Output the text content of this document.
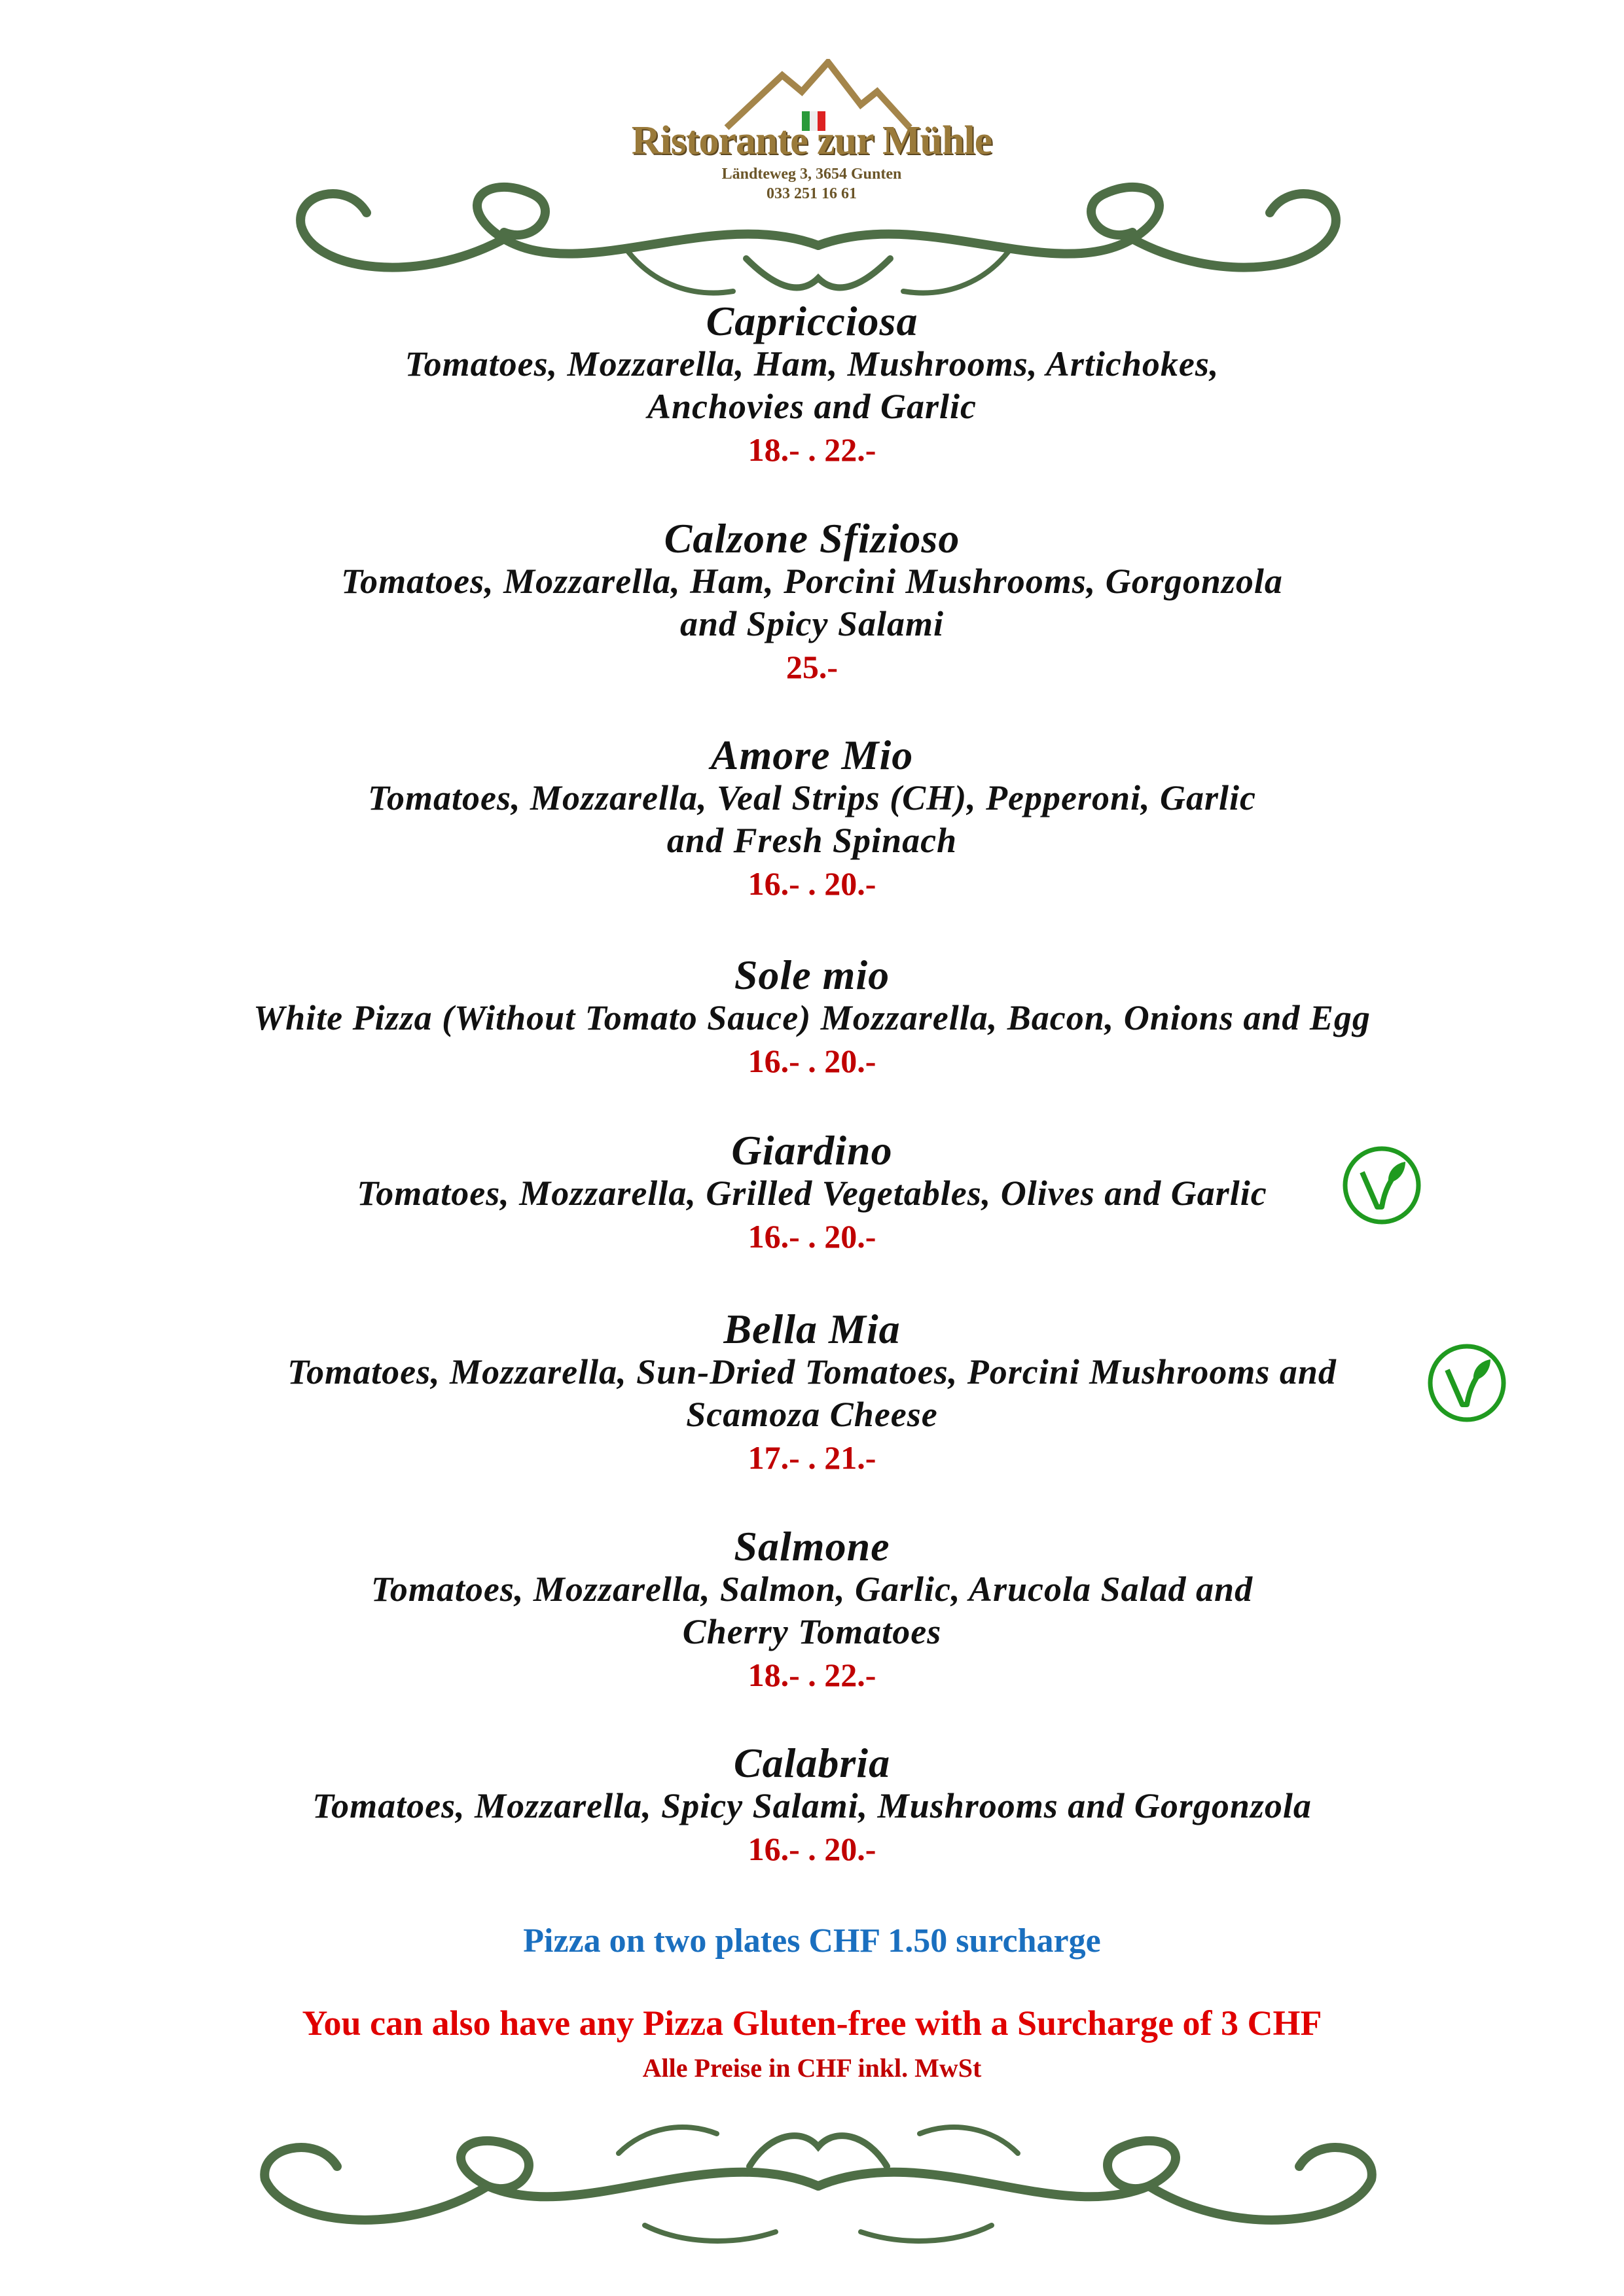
Ristorante zur Mühle
Ländteweg 3, 3654 Gunten
033 251 16 61
Capricciosa
Tomatoes, Mozzarella, Ham, Mushrooms, Artichokes,
Anchovies and Garlic
18.- . 22.-
Calzone Sfizioso
Tomatoes, Mozzarella, Ham, Porcini Mushrooms, Gorgonzola
and Spicy Salami
25.-
Amore Mio
Tomatoes, Mozzarella, Veal Strips (CH), Pepperoni, Garlic
and Fresh Spinach
16.- . 20.-
Sole mio
White Pizza (Without Tomato Sauce) Mozzarella, Bacon, Onions and Egg
16.- . 20.-
Giardino
Tomatoes, Mozzarella, Grilled Vegetables, Olives and Garlic
16.- . 20.-
Bella Mia
Tomatoes, Mozzarella, Sun-Dried Tomatoes, Porcini Mushrooms and
Scamoza Cheese
17.- . 21.-
Salmone
Tomatoes, Mozzarella, Salmon, Garlic, Arucola Salad and
Cherry Tomatoes
18.- . 22.-
Calabria
Tomatoes, Mozzarella, Spicy Salami, Mushrooms and Gorgonzola
16.- . 20.-
Pizza on two plates CHF 1.50 surcharge
You can also have any Pizza Gluten-free with a Surcharge of 3 CHF
Alle Preise in CHF inkl. MwSt
